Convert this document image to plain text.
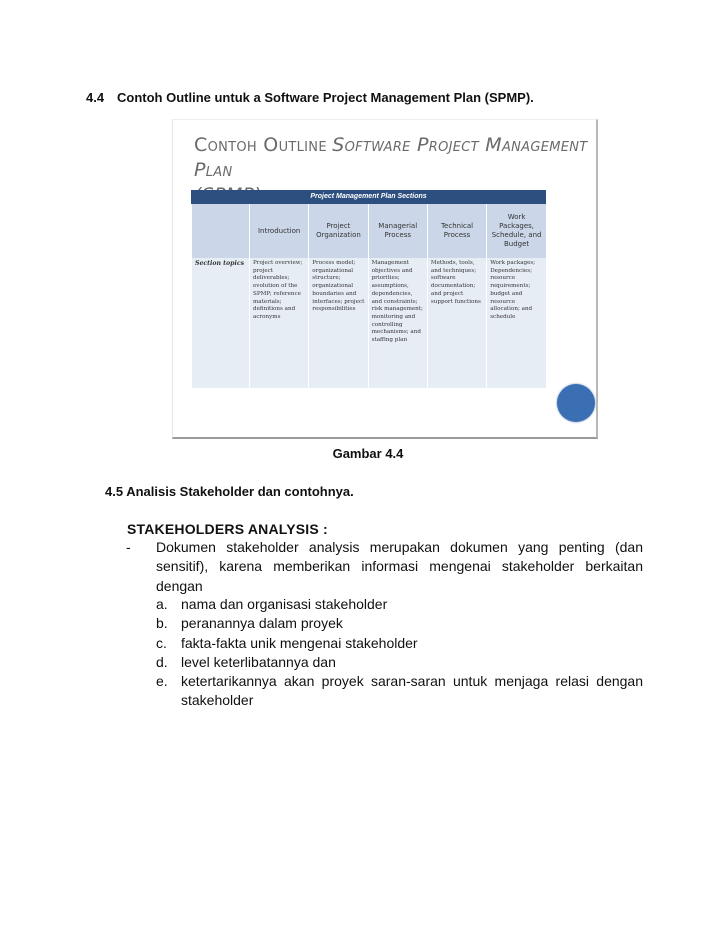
4.4 Contoh Outline untuk a Software Project Management Plan (SPMP).
Contoh Outline Software Project Management Plan

Project Management Plan Sections
	Introduction	Project Organization	Managerial Process	Technical Process	Work Packages, Schedule, and Budget
Section topics	Project overview; project deliverables; evolution of the SPMP; reference materials; definitions and acronyms	Process model; organizational structure; organizational boundaries and interfaces; project responsibilities	Management objectives and priorities; assumptions, dependencies, and constraints; risk management; monitoring and controlling mechanisms; and staffing plan	Methods, tools, and techniques; software documentation; and project support functions	Work packages; Dependencies; resource requirements; budget and resource allocation; and schedule
Gambar 4.4
4.5 Analisis Stakeholder dan contohnya.
STAKEHOLDERS ANALYSIS :
- Dokumen stakeholder analysis merupakan dokumen yang penting (dan sensitif), karena memberikan informasi mengenai stakeholder berkaitan dengan
a. nama dan organisasi stakeholder
b. peranannya dalam proyek
c. fakta-fakta unik mengenai stakeholder
d. level keterlibatannya dan
e. ketertarikannya akan proyek saran-saran untuk menjaga relasi dengan stakeholder
